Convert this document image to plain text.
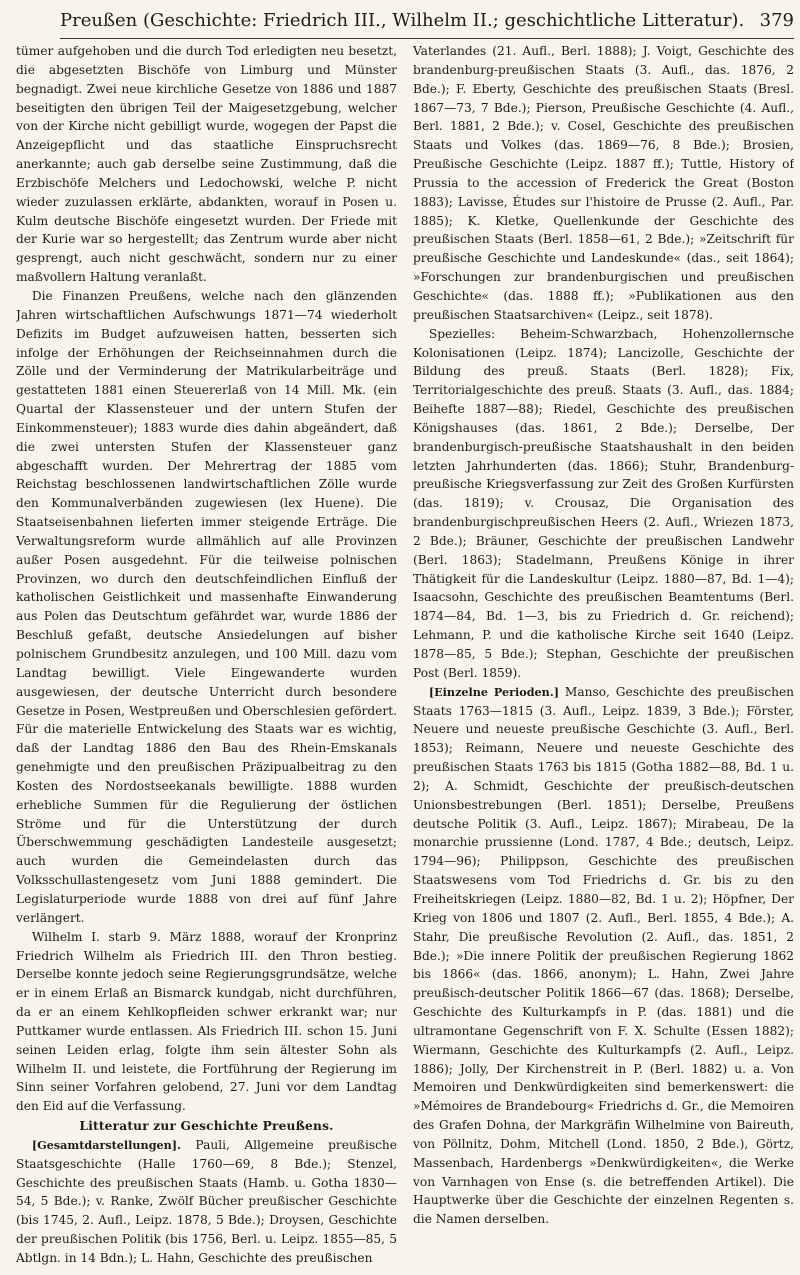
Preußen (Geschichte: Friedrich III., Wilhelm II.; geschichtliche Litteratur). 379

tümer aufgehoben und die durch Tod erledigten neu besetzt, die abgesetzten Bischöfe von Limburg und Münster begnadigt. Zwei neue kirchliche Gesetze von 1886 und 1887 beseitigten den übrigen Teil der Maigesetzgebung, welcher von der Kirche nicht gebilligt wurde, wogegen der Papst die Anzeigepflicht und das staatliche Einspruchsrecht anerkannte; auch gab derselbe seine Zustimmung, daß die Erzbischöfe Melchers und Ledochowski, welche P. nicht wieder zuzulassen erklärte, abdankten, worauf in Posen u. Kulm deutsche Bischöfe eingesetzt wurden. Der Friede mit der Kurie war so hergestellt; das Zentrum wurde aber nicht gesprengt, auch nicht geschwächt, sondern nur zu einer maßvollern Haltung veranlaßt.

Die Finanzen Preußens, welche nach den glänzenden Jahren wirtschaftlichen Aufschwungs 1871—74 wiederholt Defizits im Budget aufzuweisen hatten, besserten sich infolge der Erhöhungen der Reichseinnahmen durch die Zölle und der Verminderung der Matrikularbeiträge und gestatteten 1881 einen Steuererlaß von 14 Mill. Mk. (ein Quartal der Klassensteuer und der untern Stufen der Einkommensteuer); 1883 wurde dies dahin abgeändert, daß die zwei untersten Stufen der Klassensteuer ganz abgeschafft wurden. Der Mehrertrag der 1885 vom Reichstag beschlossenen landwirtschaftlichen Zölle wurde den Kommunalverbänden zugewiesen (lex Huene). Die Staatseisenbahnen lieferten immer steigende Erträge. Die Verwaltungsreform wurde allmählich auf alle Provinzen außer Posen ausgedehnt. Für die teilweise polnischen Provinzen, wo durch den deutschfeindlichen Einfluß der katholischen Geistlichkeit und massenhafte Einwanderung aus Polen das Deutschtum gefährdet war, wurde 1886 der Beschluß gefaßt, deutsche Ansiedelungen auf bisher polnischem Grundbesitz anzulegen, und 100 Mill. dazu vom Landtag bewilligt. Viele Eingewanderte wurden ausgewiesen, der deutsche Unterricht durch besondere Gesetze in Posen, Westpreußen und Oberschlesien gefördert. Für die materielle Entwickelung des Staats war es wichtig, daß der Landtag 1886 den Bau des Rhein-Emskanals genehmigte und den preußischen Präzipualbeitrag zu den Kosten des Nordostseekanals bewilligte. 1888 wurden erhebliche Summen für die Regulierung der östlichen Ströme und für die Unterstützung der durch Überschwemmung geschädigten Landesteile ausgesetzt; auch wurden die Gemeindelasten durch das Volksschullastengesetz vom Juni 1888 gemindert. Die Legislaturperiode wurde 1888 von drei auf fünf Jahre verlängert.

Wilhelm I. starb 9. März 1888, worauf der Kronprinz Friedrich Wilhelm als Friedrich III. den Thron bestieg. Derselbe konnte jedoch seine Regierungsgrundsätze, welche er in einem Erlaß an Bismarck kundgab, nicht durchführen, da er an einem Kehlkopfleiden schwer erkrankt war; nur Puttkamer wurde entlassen. Als Friedrich III. schon 15. Juni seinen Leiden erlag, folgte ihm sein ältester Sohn als Wilhelm II. und leistete, die Fortführung der Regierung im Sinn seiner Vorfahren gelobend, 27. Juni vor dem Landtag den Eid auf die Verfassung.

Litteratur zur Geschichte Preußens.

[Gesamtdarstellungen]. Pauli, Allgemeine preußische Staatsgeschichte (Halle 1760—69, 8 Bde.); Stenzel, Geschichte des preußischen Staats (Hamb. u. Gotha 1830—54, 5 Bde.); v. Ranke, Zwölf Bücher preußischer Geschichte (bis 1745, 2. Aufl., Leipz. 1878, 5 Bde.); Droysen, Geschichte der preußischen Politik (bis 1756, Berl. u. Leipz. 1855—85, 5 Abtlgn. in 14 Bdn.); L. Hahn, Geschichte des preußischen

Vaterlandes (21. Aufl., Berl. 1888); J. Voigt, Geschichte des brandenburg-preußischen Staats (3. Aufl., das. 1876, 2 Bde.); F. Eberty, Geschichte des preußischen Staats (Bresl. 1867—73, 7 Bde.); Pierson, Preußische Geschichte (4. Aufl., Berl. 1881, 2 Bde.); v. Cosel, Geschichte des preußischen Staats und Volkes (das. 1869—76, 8 Bde.); Brosien, Preußische Geschichte (Leipz. 1887 ff.); Tuttle, History of Prussia to the accession of Frederick the Great (Boston 1883); Lavisse, Études sur l'histoire de Prusse (2. Aufl., Par. 1885); K. Kletke, Quellenkunde der Geschichte des preußischen Staats (Berl. 1858—61, 2 Bde.); »Zeitschrift für preußische Geschichte und Landeskunde« (das., seit 1864); »Forschungen zur brandenburgischen und preußischen Geschichte« (das. 1888 ff.); »Publikationen aus den preußischen Staatsarchiven« (Leipz., seit 1878).

Spezielles: Beheim-Schwarzbach, Hohenzollernsche Kolonisationen (Leipz. 1874); Lancizolle, Geschichte der Bildung des preuß. Staats (Berl. 1828); Fix, Territorialgeschichte des preuß. Staats (3. Aufl., das. 1884; Beihefte 1887—88); Riedel, Geschichte des preußischen Königshauses (das. 1861, 2 Bde.); Derselbe, Der brandenburgisch-preußische Staatshaushalt in den beiden letzten Jahrhunderten (das. 1866); Stuhr, Brandenburg-preußische Kriegsverfassung zur Zeit des Großen Kurfürsten (das. 1819); v. Crousaz, Die Organisation des brandenburgischpreußischen Heers (2. Aufl., Wriezen 1873, 2 Bde.); Bräuner, Geschichte der preußischen Landwehr (Berl. 1863); Stadelmann, Preußens Könige in ihrer Thätigkeit für die Landeskultur (Leipz. 1880—87, Bd. 1—4); Isaacsohn, Geschichte des preußischen Beamtentums (Berl. 1874—84, Bd. 1—3, bis zu Friedrich d. Gr. reichend); Lehmann, P. und die katholische Kirche seit 1640 (Leipz. 1878—85, 5 Bde.); Stephan, Geschichte der preußischen Post (Berl. 1859).

[Einzelne Perioden.] Manso, Geschichte des preußischen Staats 1763—1815 (3. Aufl., Leipz. 1839, 3 Bde.); Förster, Neuere und neueste preußische Geschichte (3. Aufl., Berl. 1853); Reimann, Neuere und neueste Geschichte des preußischen Staats 1763 bis 1815 (Gotha 1882—88, Bd. 1 u. 2); A. Schmidt, Geschichte der preußisch-deutschen Unionsbestrebungen (Berl. 1851); Derselbe, Preußens deutsche Politik (3. Aufl., Leipz. 1867); Mirabeau, De la monarchie prussienne (Lond. 1787, 4 Bde.; deutsch, Leipz. 1794—96); Philippson, Geschichte des preußischen Staatswesens vom Tod Friedrichs d. Gr. bis zu den Freiheitskriegen (Leipz. 1880—82, Bd. 1 u. 2); Höpfner, Der Krieg von 1806 und 1807 (2. Aufl., Berl. 1855, 4 Bde.); A. Stahr, Die preußische Revolution (2. Aufl., das. 1851, 2 Bde.); »Die innere Politik der preußischen Regierung 1862 bis 1866« (das. 1866, anonym); L. Hahn, Zwei Jahre preußisch-deutscher Politik 1866—67 (das. 1868); Derselbe, Geschichte des Kulturkampfs in P. (das. 1881) und die ultramontane Gegenschrift von F. X. Schulte (Essen 1882); Wiermann, Geschichte des Kulturkampfs (2. Aufl., Leipz. 1886); Jolly, Der Kirchenstreit in P. (Berl. 1882) u. a. Von Memoiren und Denkwürdigkeiten sind bemerkenswert: die »Mémoires de Brandebourg« Friedrichs d. Gr., die Memoiren des Grafen Dohna, der Markgräfin Wilhelmine von Baireuth, von Pöllnitz, Dohm, Mitchell (Lond. 1850, 2 Bde.), Görtz, Massenbach, Hardenbergs »Denkwürdigkeiten«, die Werke von Varnhagen von Ense (s. die betreffenden Artikel). Die Hauptwerke über die Geschichte der einzelnen Regenten s. die Namen derselben.
